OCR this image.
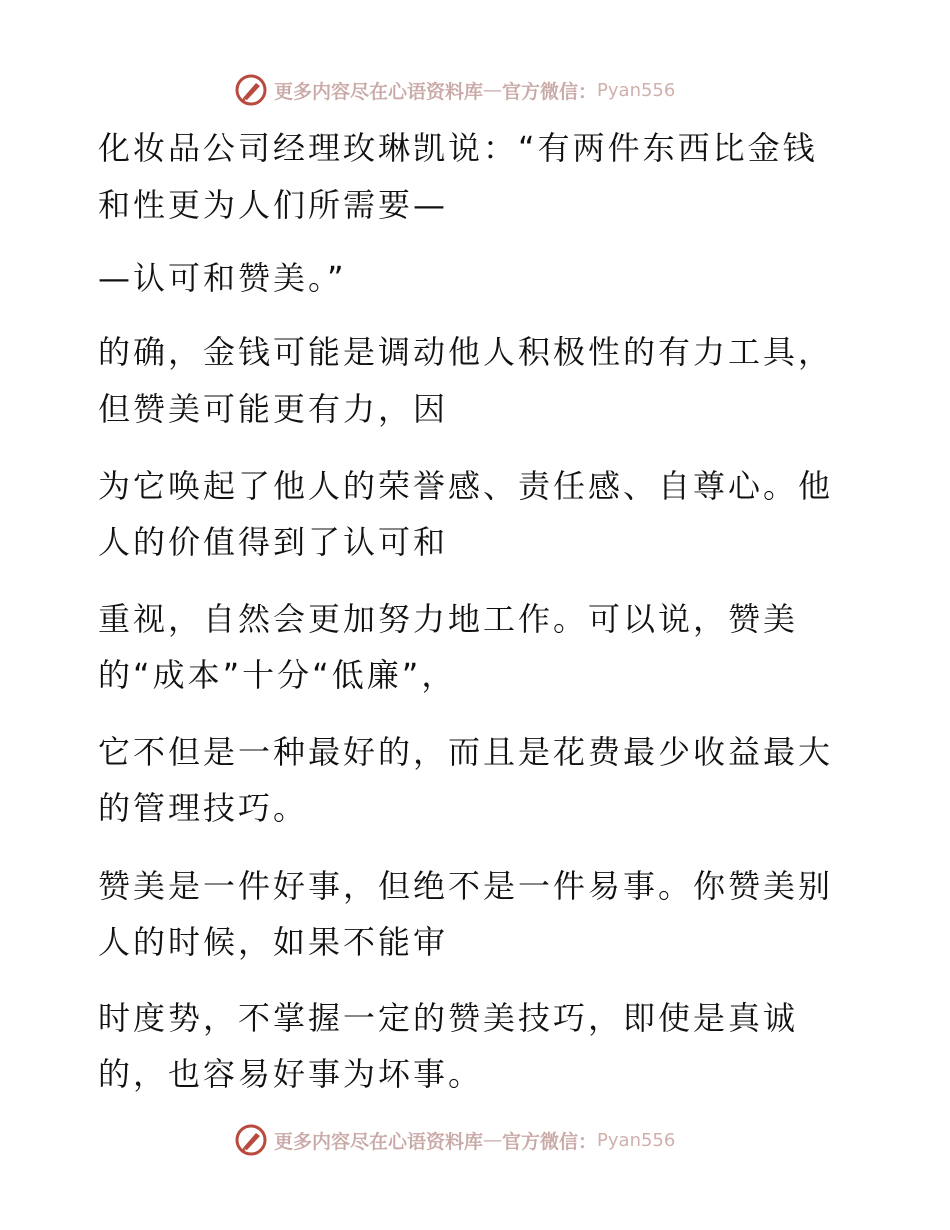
更多内容尽在心语资料库 — 官方微信： Pyan556
化妆品公司经理玫琳凯说：“有两件东西比金钱
和性更为人们所需要—
—认可和赞美。”
的确，金钱可能是调动他人积极性的有力工具，
但赞美可能更有力，因
为它唤起了他人的荣誉感、责任感、自尊心。他
人的价值得到了认可和
重视，自然会更加努力地工作。可以说，赞美
的“成本”十分“低廉”，
它不但是一种最好的，而且是花费最少收益最大
的管理技巧。
赞美是一件好事，但绝不是一件易事。你赞美别
人的时候，如果不能审
时度势，不掌握一定的赞美技巧，即使是真诚
的，也容易好事为坏事。
更多内容尽在心语资料库 — 官方微信： Pyan556
